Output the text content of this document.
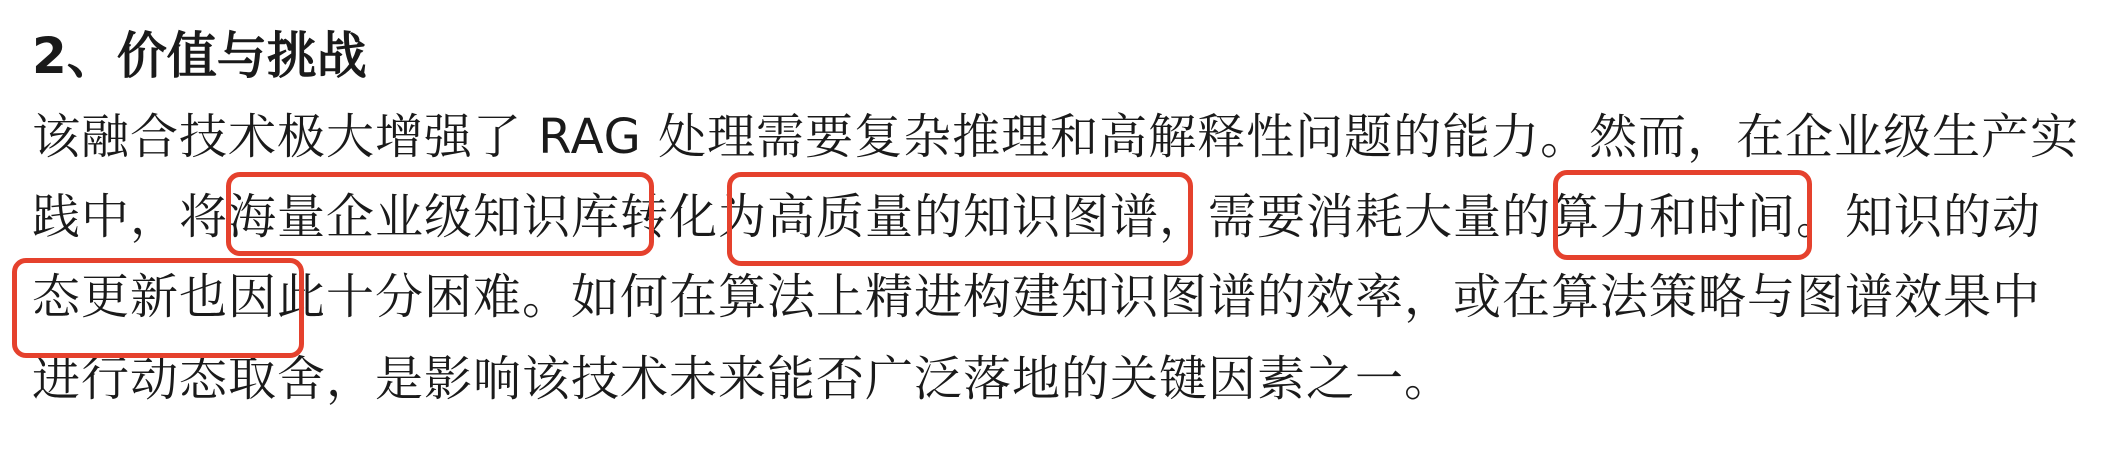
2、价值与挑战
该融合技术极大增强了 RAG 处理需要复杂推理和高解释性问题的能力。然而，在企业级生产实
践中，将海量企业级知识库转化为高质量的知识图谱，需要消耗大量的算力和时间。知识的动
态更新也因此十分困难。如何在算法上精进构建知识图谱的效率，或在算法策略与图谱效果中
进行动态取舍，是影响该技术未来能否广泛落地的关键因素之一。
